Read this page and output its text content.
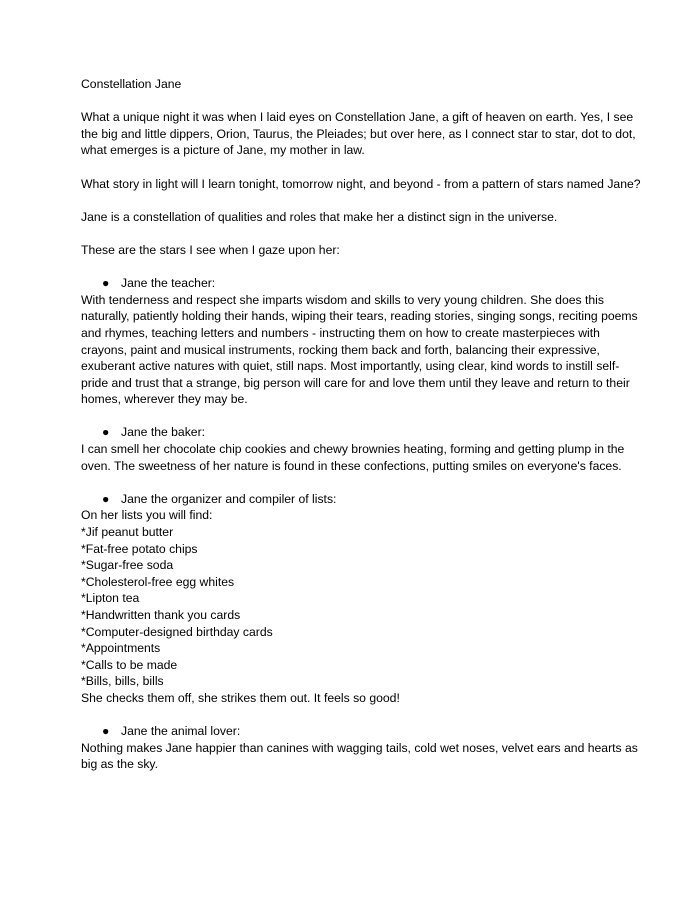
Constellation Jane

What a unique night it was when I laid eyes on Constellation Jane, a gift of heaven on earth. Yes, I see the big and little dippers, Orion, Taurus, the Pleiades; but over here, as I connect star to star, dot to dot, what emerges is a picture of Jane, my mother in law.

What story in light will I learn tonight, tomorrow night, and beyond - from a pattern of stars named Jane?

Jane is a constellation of qualities and roles that make her a distinct sign in the universe.

These are the stars I see when I gaze upon her:

● Jane the teacher:

With tenderness and respect she imparts wisdom and skills to very young children. She does this naturally, patiently holding their hands, wiping their tears, reading stories, singing songs, reciting poems and rhymes, teaching letters and numbers - instructing them on how to create masterpieces with crayons, paint and musical instruments, rocking them back and forth, balancing their expressive, exuberant active natures with quiet, still naps. Most importantly, using clear, kind words to instill self-pride and trust that a strange, big person will care for and love them until they leave and return to their homes, wherever they may be.

● Jane the baker:

I can smell her chocolate chip cookies and chewy brownies heating, forming and getting plump in the oven. The sweetness of her nature is found in these confections, putting smiles on everyone's faces.

● Jane the organizer and compiler of lists:

On her lists you will find:

*Jif peanut butter

*Fat-free potato chips

*Sugar-free soda

*Cholesterol-free egg whites

*Lipton tea

*Handwritten thank you cards

*Computer-designed birthday cards

*Appointments

*Calls to be made

*Bills, bills, bills

She checks them off, she strikes them out. It feels so good!

● Jane the animal lover:

Nothing makes Jane happier than canines with wagging tails, cold wet noses, velvet ears and hearts as big as the sky.
